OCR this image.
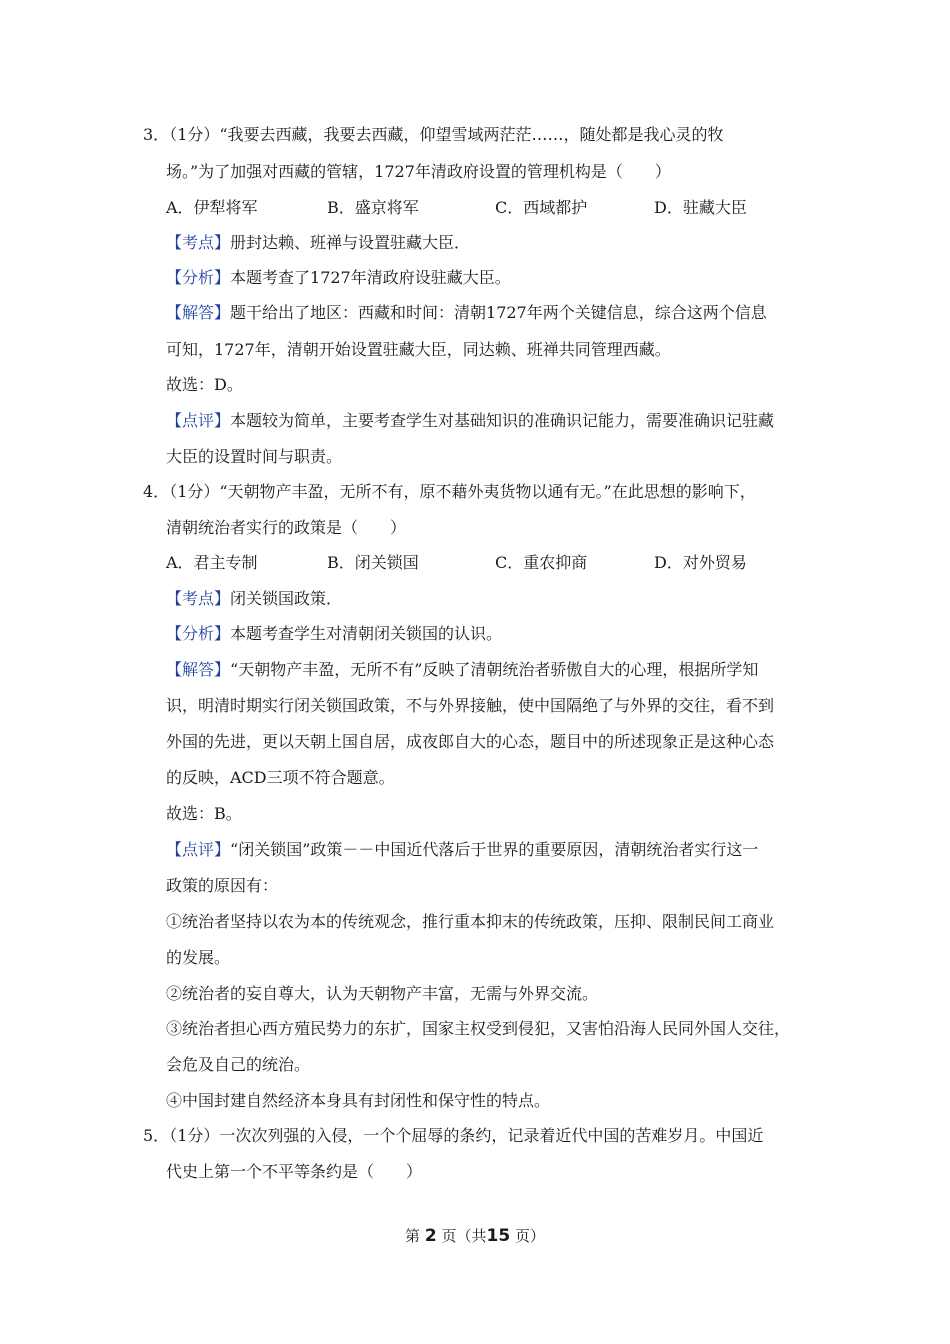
3．（1分）“我要去西藏，我要去西藏，仰望雪域两茫茫……，随处都是我心灵的牧
场。”为了加强对西藏的管辖，1727年清政府设置的管理机构是（　　）
A．伊犁将军	B．盛京将军	C．西域都护	D．驻藏大臣
【考点】册封达赖、班禅与设置驻藏大臣．
【分析】本题考查了1727年清政府设驻藏大臣。
【解答】题干给出了地区：西藏和时间：清朝1727年两个关键信息，综合这两个信息
可知，1727年，清朝开始设置驻藏大臣，同达赖、班禅共同管理西藏。
故选：D。
【点评】本题较为简单，主要考查学生对基础知识的准确识记能力，需要准确识记驻藏
大臣的设置时间与职责。
4．（1分）“天朝物产丰盈，无所不有，原不藉外夷货物以通有无。”在此思想的影响下，
清朝统治者实行的政策是（　　）
A．君主专制	B．闭关锁国	C．重农抑商	D．对外贸易
【考点】闭关锁国政策．
【分析】本题考查学生对清朝闭关锁国的认识。
【解答】“天朝物产丰盈，无所不有”反映了清朝统治者骄傲自大的心理，根据所学知
识，明清时期实行闭关锁国政策，不与外界接触，使中国隔绝了与外界的交往，看不到
外国的先进，更以天朝上国自居，成夜郎自大的心态，题目中的所述现象正是这种心态
的反映，ACD三项不符合题意。
故选：B。
【点评】“闭关锁国”政策－－中国近代落后于世界的重要原因，清朝统治者实行这一
政策的原因有：
①统治者坚持以农为本的传统观念，推行重本抑末的传统政策，压抑、限制民间工商业
的发展。
②统治者的妄自尊大，认为天朝物产丰富，无需与外界交流。
③统治者担心西方殖民势力的东扩，国家主权受到侵犯，又害怕沿海人民同外国人交往，
会危及自己的统治。
④中国封建自然经济本身具有封闭性和保守性的特点。
5．（1分）一次次列强的入侵，一个个屈辱的条约，记录着近代中国的苦难岁月。中国近
代史上第一个不平等条约是（　　）
第 2 页（共15 页）
